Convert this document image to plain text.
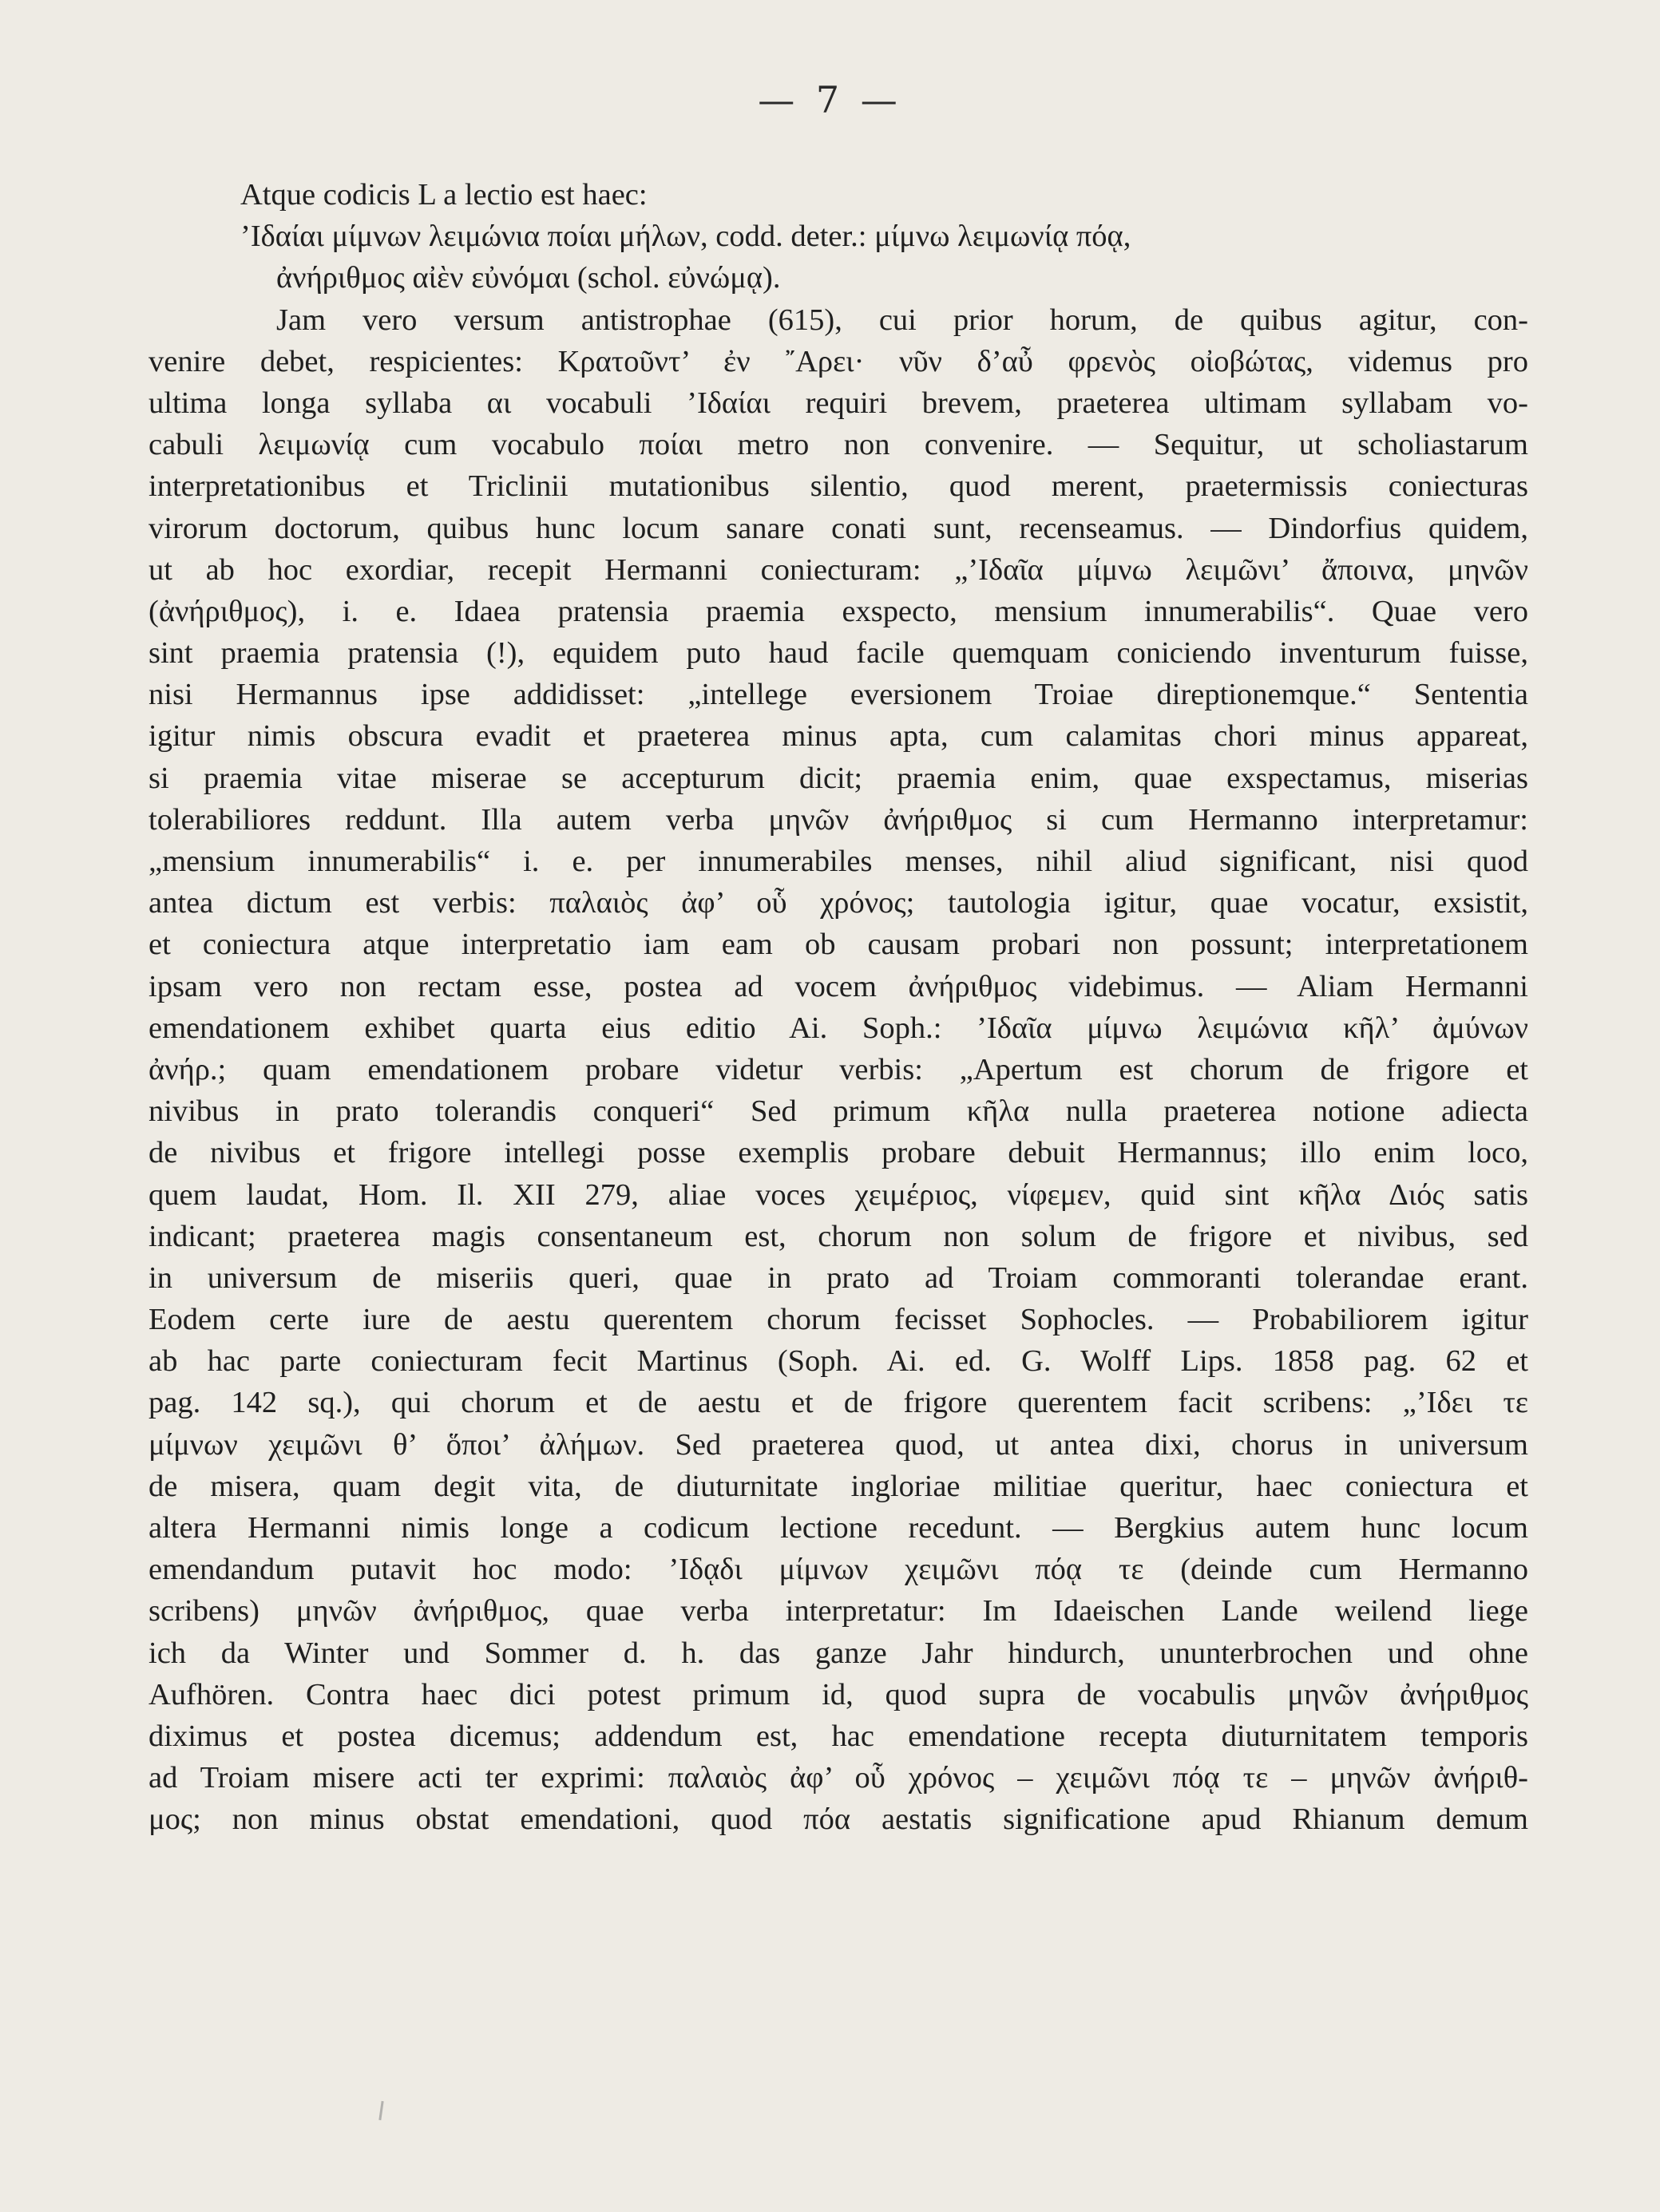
— 7 —
Atque codicis L a lectio est haec:
’Ιδαίαι μίμνων λειμώνια ποίαι μήλων, codd. deter.: μίμνω λειμωνίᾳ πόᾳ,
ἀνήριθμος αἰὲν εὐνόμαι (schol. εὐνώμᾳ).
Jam vero versum antistrophae (615), cui prior horum, de quibus agitur, con-
venire debet, respicientes: Κρατοῦντ’ ἐν ῎Αρει· νῦν δ’αὖ φρενὸς οἰοβώτας, videmus pro
ultima longa syllaba αι vocabuli ’Ιδαίαι requiri brevem, praeterea ultimam syllabam vo-
cabuli λειμωνίᾳ cum vocabulo ποίαι metro non convenire. — Sequitur, ut scholiastarum
interpretationibus et Triclinii mutationibus silentio, quod merent, praetermissis coniecturas
virorum doctorum, quibus hunc locum sanare conati sunt, recenseamus. — Dindorfius quidem,
ut ab hoc exordiar, recepit Hermanni coniecturam: „’Ιδαῖα μίμνω λειμῶνι’ ἄποινα, μηνῶν
(ἀνήριθμος), i. e. Idaea pratensia praemia exspecto, mensium innumerabilis“. Quae vero
sint praemia pratensia (!), equidem puto haud facile quemquam coniciendo inventurum fuisse,
nisi Hermannus ipse addidisset: „intellege eversionem Troiae direptionemque.“ Sententia
igitur nimis obscura evadit et praeterea minus apta, cum calamitas chori minus appareat,
si praemia vitae miserae se accepturum dicit; praemia enim, quae exspectamus, miserias
tolerabiliores reddunt. Illa autem verba μηνῶν ἀνήριθμος si cum Hermanno interpretamur:
„mensium innumerabilis“ i. e. per innumerabiles menses, nihil aliud significant, nisi quod
antea dictum est verbis: παλαιὸς ἀφ’ οὗ χρόνος; tautologia igitur, quae vocatur, exsistit,
et coniectura atque interpretatio iam eam ob causam probari non possunt; interpretationem
ipsam vero non rectam esse, postea ad vocem ἀνήριθμος videbimus. — Aliam Hermanni
emendationem exhibet quarta eius editio Ai. Soph.: ’Ιδαῖα μίμνω λειμώνια κῆλ’ ἀμύνων
ἀνήρ.; quam emendationem probare videtur verbis: „Apertum est chorum de frigore et
nivibus in prato tolerandis conqueri“ Sed primum κῆλα nulla praeterea notione adiecta
de nivibus et frigore intellegi posse exemplis probare debuit Hermannus; illo enim loco,
quem laudat, Hom. Il. XII 279, aliae voces χειμέριος, νίφεμεν, quid sint κῆλα Διός satis
indicant; praeterea magis consentaneum est, chorum non solum de frigore et nivibus, sed
in universum de miseriis queri, quae in prato ad Troiam commoranti tolerandae erant.
Eodem certe iure de aestu querentem chorum fecisset Sophocles. — Probabiliorem igitur
ab hac parte coniecturam fecit Martinus (Soph. Ai. ed. G. Wolff Lips. 1858 pag. 62 et
pag. 142 sq.), qui chorum et de aestu et de frigore querentem facit scribens: „’Ιδει τε
μίμνων χειμῶνι θ’ ὅποι’ ἀλήμων. Sed praeterea quod, ut antea dixi, chorus in universum
de misera, quam degit vita, de diuturnitate ingloriae militiae queritur, haec coniectura et
altera Hermanni nimis longe a codicum lectione recedunt. — Bergkius autem hunc locum
emendandum putavit hoc modo: ’Ιδᾳδι μίμνων χειμῶνι πόᾳ τε (deinde cum Hermanno
scribens) μηνῶν ἀνήριθμος, quae verba interpretatur: Im Idaeischen Lande weilend liege
ich da Winter und Sommer d. h. das ganze Jahr hindurch, ununterbrochen und ohne
Aufhören. Contra haec dici potest primum id, quod supra de vocabulis μηνῶν ἀνήριθμος
diximus et postea dicemus; addendum est, hac emendatione recepta diuturnitatem temporis
ad Troiam misere acti ter exprimi: παλαιὸς ἀφ’ οὗ χρόνος – χειμῶνι πόᾳ τε – μηνῶν ἀνήριθ-
μος; non minus obstat emendationi, quod πόα aestatis significatione apud Rhianum demum
